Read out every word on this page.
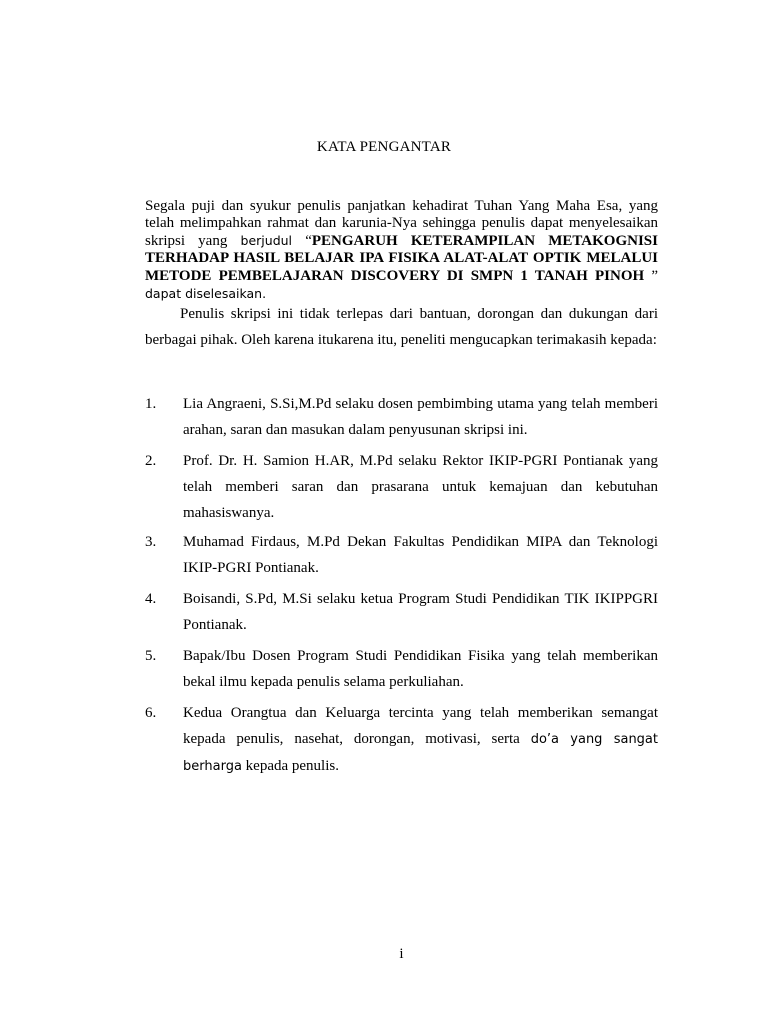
KATA PENGANTAR
Segala puji dan syukur penulis panjatkan kehadirat Tuhan Yang Maha Esa, yang telah melimpahkan rahmat dan karunia-Nya sehingga penulis dapat menyelesaikan skripsi yang berjudul “PENGARUH KETERAMPILAN METAKOGNISI TERHADAP HASIL BELAJAR IPA FISIKA ALAT-ALAT OPTIK MELALUI METODE PEMBELAJARAN DISCOVERY DI SMPN 1 TANAH PINOH ” dapat diselesaikan.
Penulis skripsi ini tidak terlepas dari bantuan, dorongan dan dukungan dari berbagai pihak. Oleh karena itukarena itu, peneliti mengucapkan terimakasih kepada:
1.	Lia Angraeni, S.Si,M.Pd selaku dosen pembimbing utama yang telah memberi arahan, saran dan masukan dalam penyusunan skripsi ini.
2.	Prof. Dr. H. Samion H.AR, M.Pd selaku Rektor IKIP-PGRI Pontianak yang telah memberi saran dan prasarana untuk kemajuan dan kebutuhan mahasiswanya.
3.	Muhamad Firdaus, M.Pd Dekan Fakultas Pendidikan MIPA dan Teknologi IKIP-PGRI Pontianak.
4.	Boisandi, S.Pd, M.Si selaku ketua Program Studi Pendidikan TIK IKIPPGRI Pontianak.
5.	Bapak/Ibu Dosen Program Studi Pendidikan Fisika yang telah memberikan bekal ilmu kepada penulis selama perkuliahan.
6.	Kedua Orangtua dan Keluarga tercinta yang telah memberikan semangat kepada penulis, nasehat, dorongan, motivasi, serta do’a yang sangat berharga kepada penulis.
i
